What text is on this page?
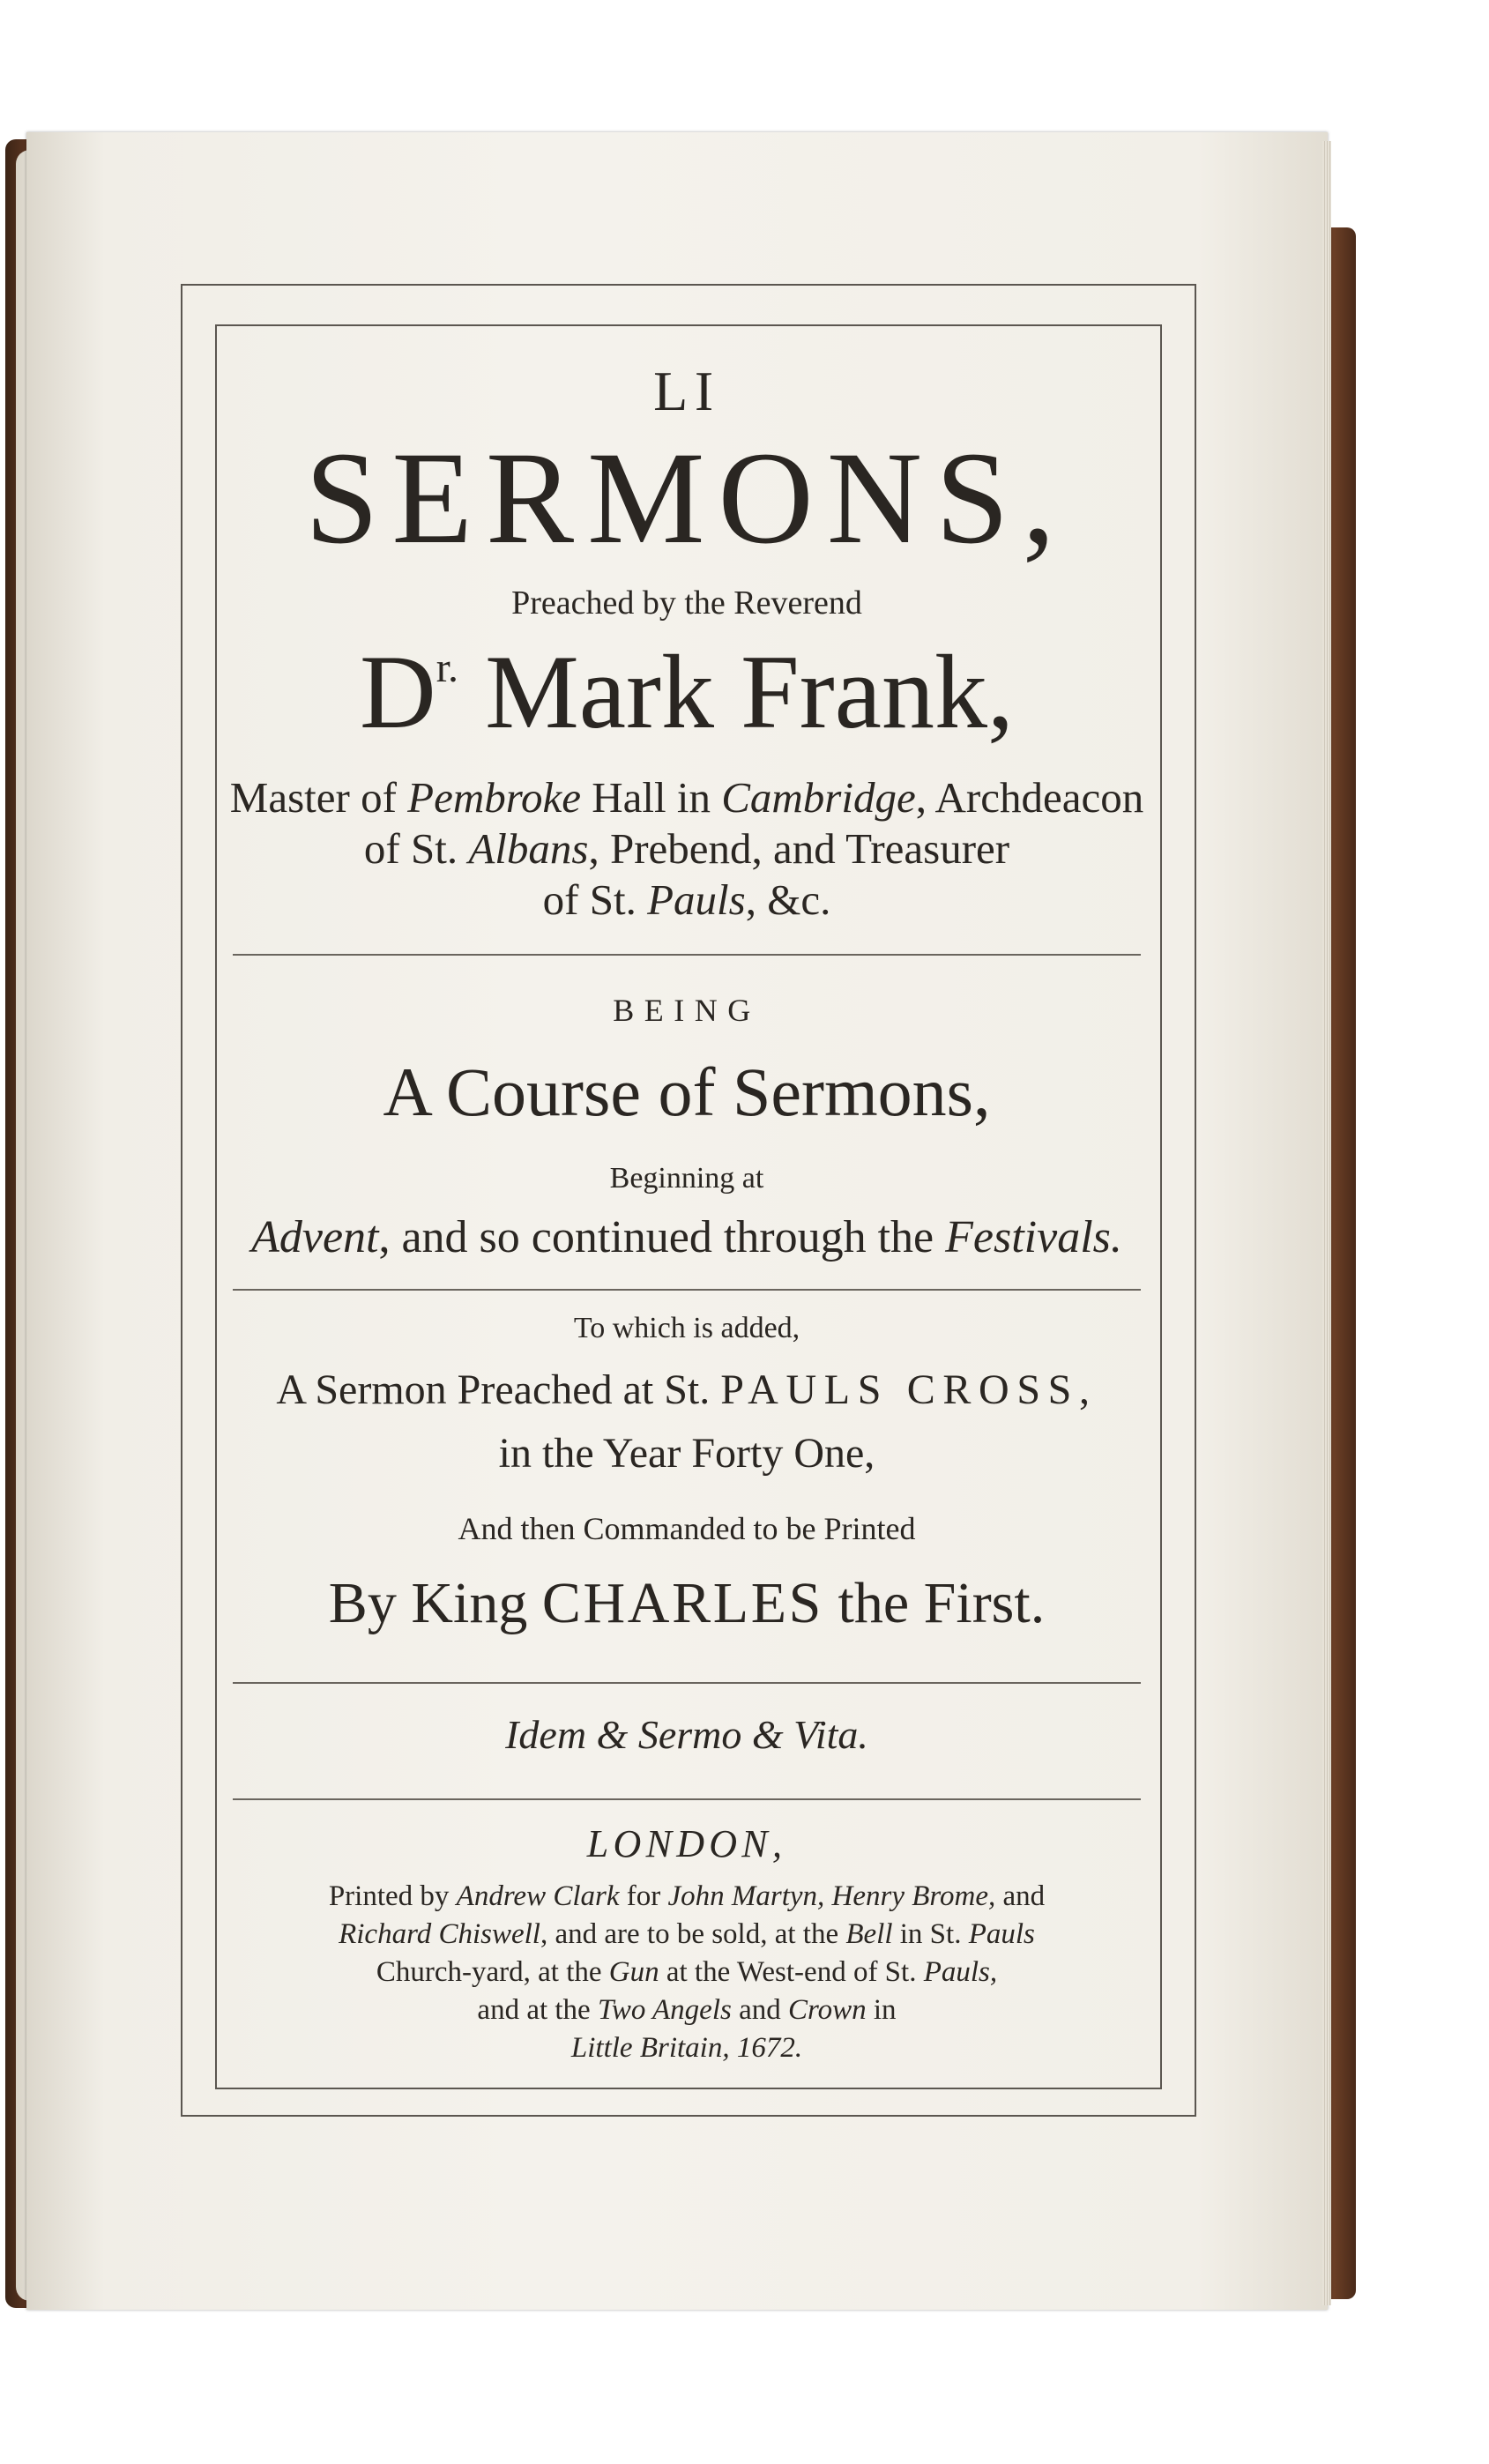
LI
SERMONS,
Preached by the Reverend
$D^{r.}$ Mark Frank,
Master of Pembroke Hall in Cambridge, Archdeacon
of St. Albans, Prebend, and Treasurer
of St. Pauls, &c.
BEING
A Course of Sermons,
Beginning at
Advent, and so continued through the Festivals.
To which is added,
A Sermon Preached at St. PAULS CROSS,
in the Year Forty One,
And then Commanded to be Printed
By King CHARLES the First.
Idem & Sermo & Vita.
LONDON,
Printed by Andrew Clark for John Martyn, Henry Brome, and
Richard Chiswell, and are to be sold, at the Bell in St. Pauls
Church-yard, at the Gun at the West-end of St. Pauls,
and at the Two Angels and Crown in
Little Britain, 1672.
